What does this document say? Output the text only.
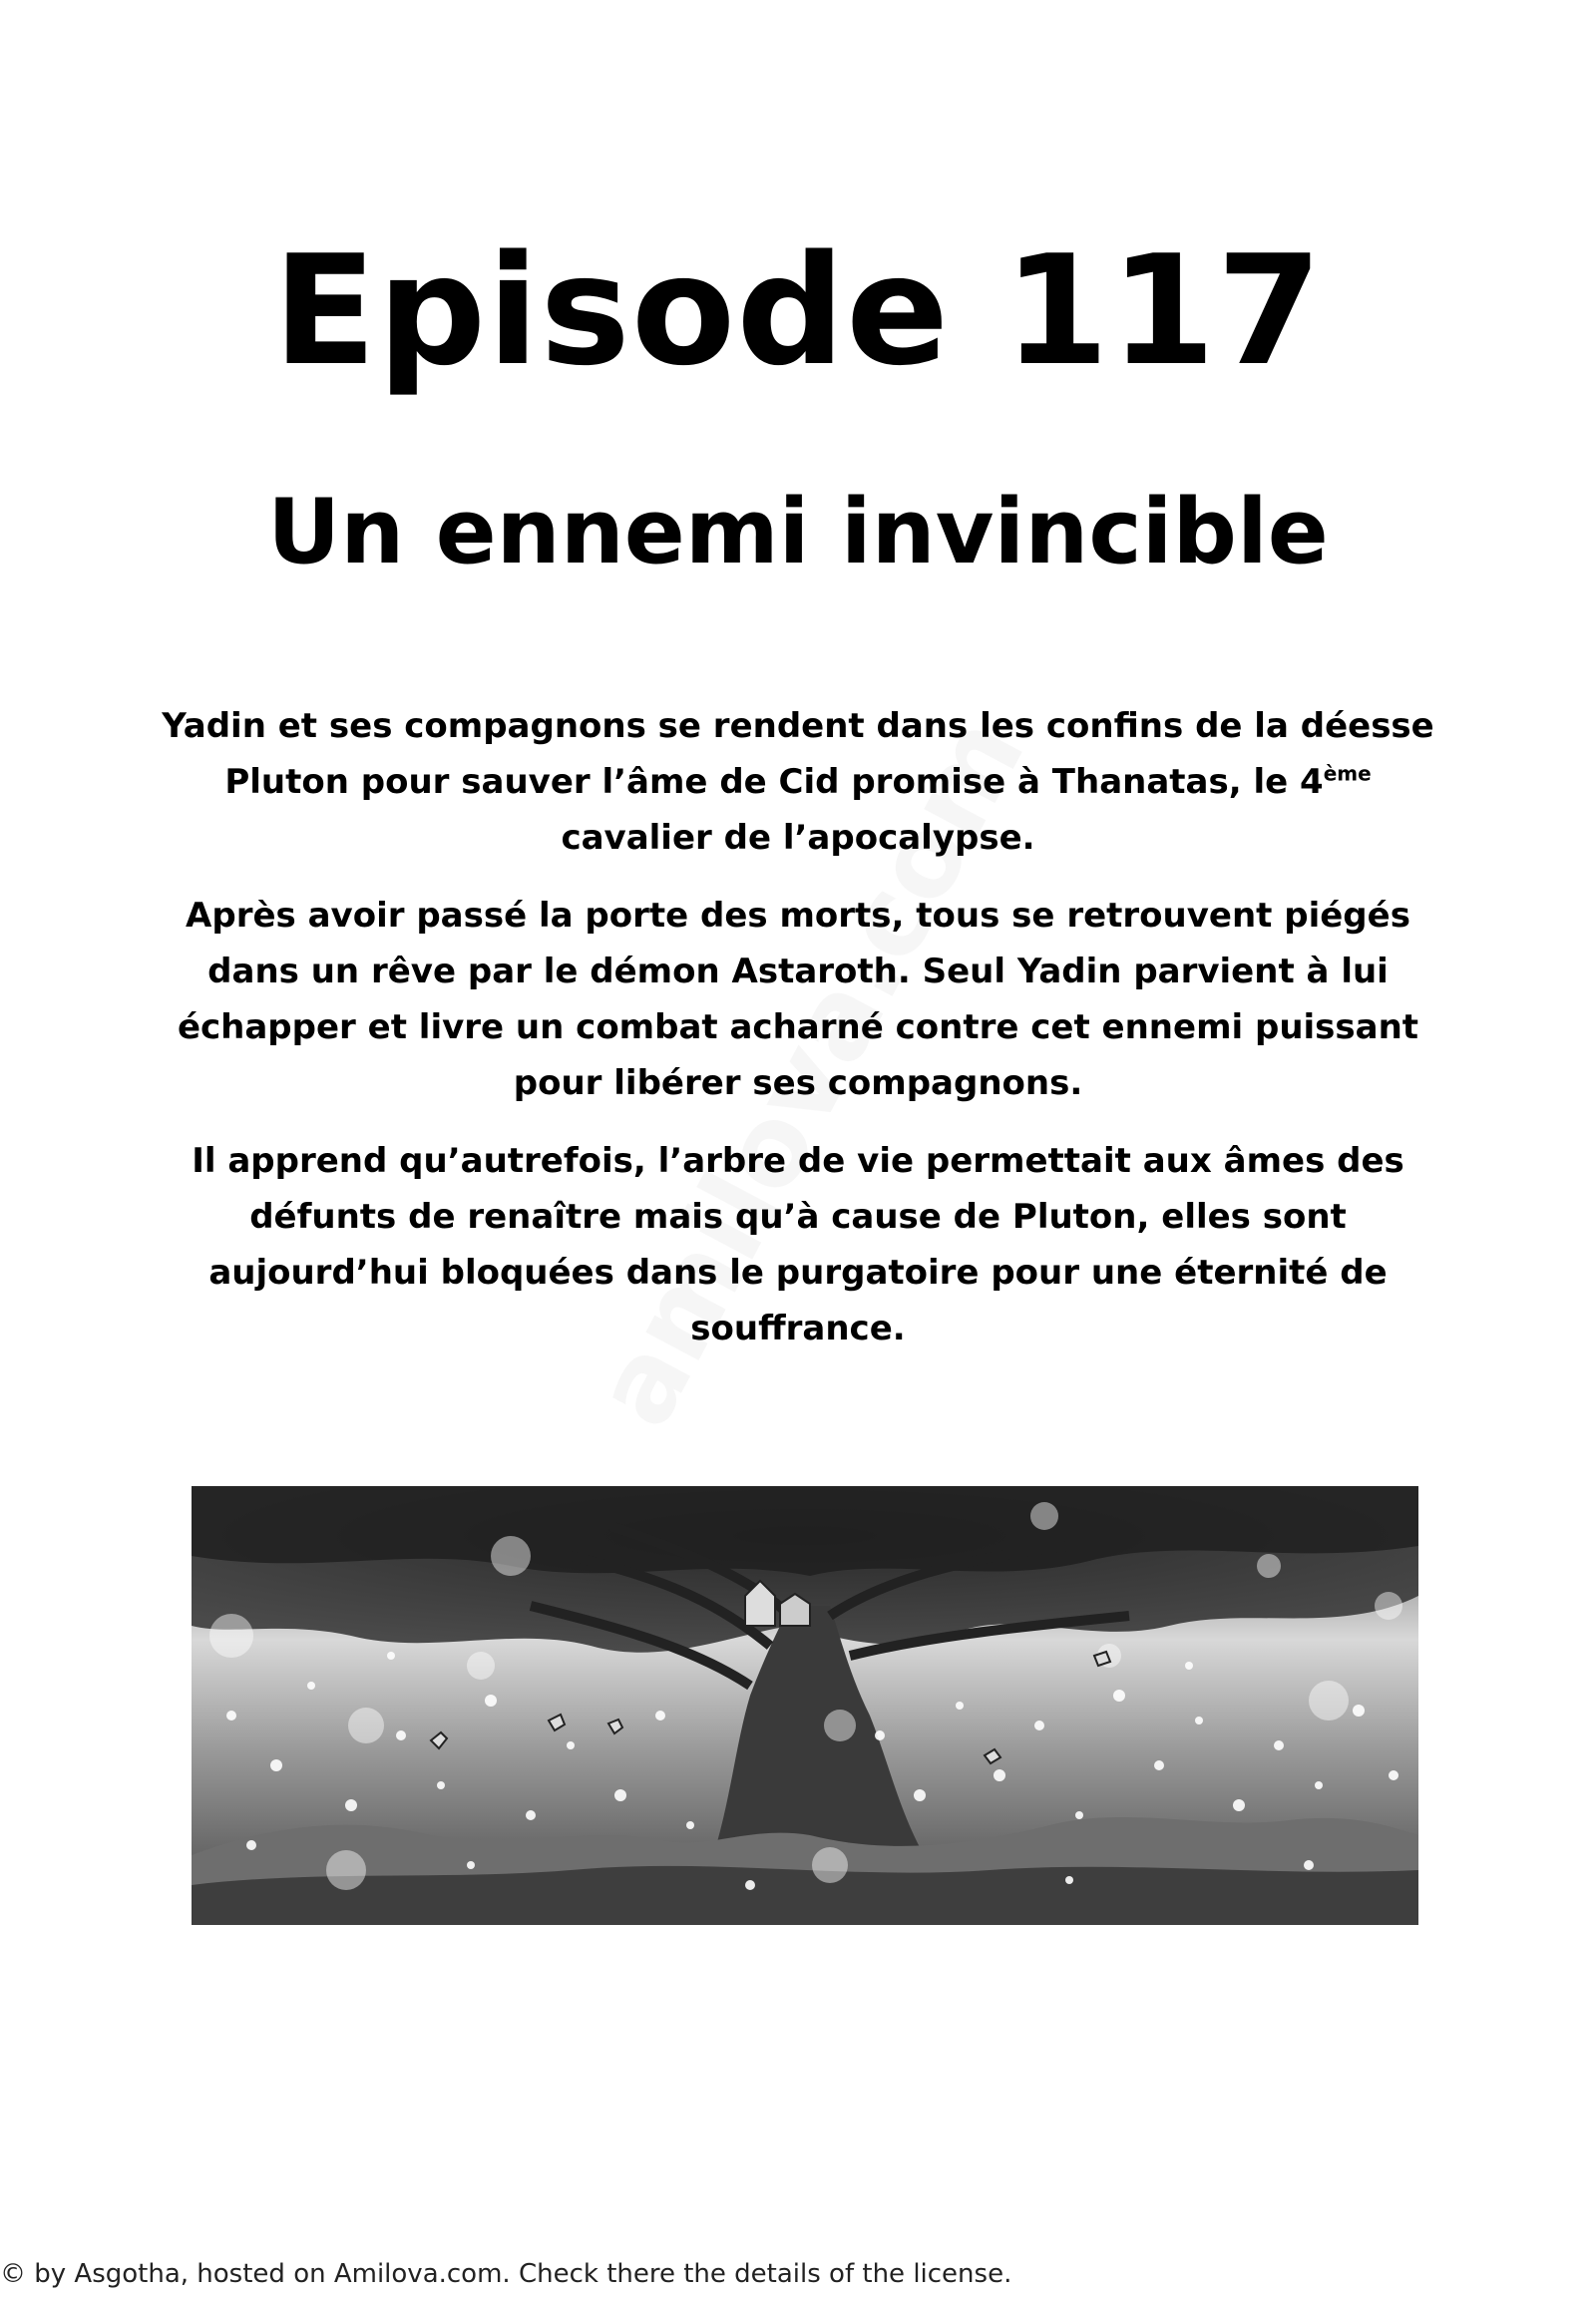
Episode 117
Un ennemi invincible

Yadin et ses compagnons se rendent dans les confins de la déesse Pluton pour sauver l’âme de Cid promise à Thanatas, le 4ème cavalier de l’apocalypse.

Après avoir passé la porte des morts, tous se retrouvent piégés dans un rêve par le démon Astaroth. Seul Yadin parvient à lui échapper et livre un combat acharné contre cet ennemi puissant pour libérer ses compagnons.

Il apprend qu’autrefois, l’arbre de vie permettait aux âmes des défunts de renaître mais qu’à cause de Pluton, elles sont aujourd’hui bloquées dans le purgatoire pour une éternité de souffrance.

© by Asgotha, hosted on Amilova.com. Check there the details of the license.
